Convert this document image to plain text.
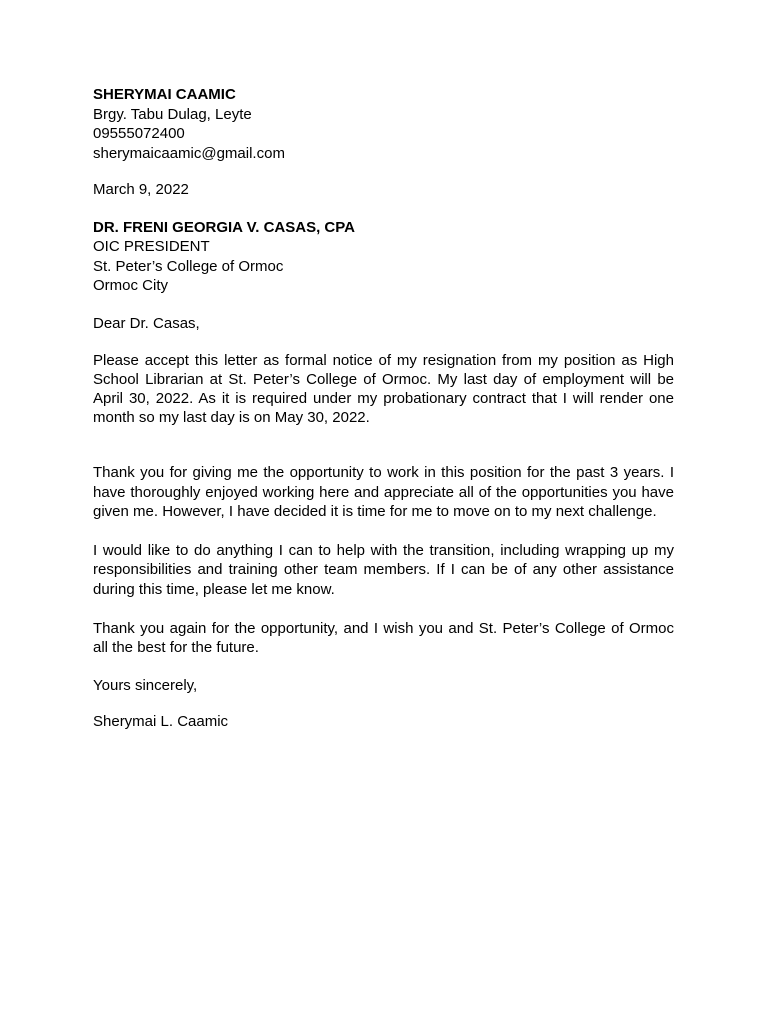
SHERYMAI CAAMIC
Brgy. Tabu Dulag, Leyte
09555072400
sherymaicaamic@gmail.com
March 9, 2022
DR. FRENI GEORGIA V. CASAS, CPA
OIC PRESIDENT
St. Peter’s College of Ormoc
Ormoc City
Dear Dr. Casas,
Please accept this letter as formal notice of my resignation from my position as High School Librarian at St. Peter’s College of Ormoc. My last day of employment will be April 30, 2022. As it is required under my probationary contract that I will render one month so my last day is on May 30, 2022.
Thank you for giving me the opportunity to work in this position for the past 3 years. I have thoroughly enjoyed working here and appreciate all of the opportunities you have given me. However, I have decided it is time for me to move on to my next challenge.
I would like to do anything I can to help with the transition, including wrapping up my responsibilities and training other team members. If I can be of any other assistance during this time, please let me know.
Thank you again for the opportunity, and I wish you and St. Peter’s College of Ormoc all the best for the future.
Yours sincerely,
Sherymai L. Caamic
